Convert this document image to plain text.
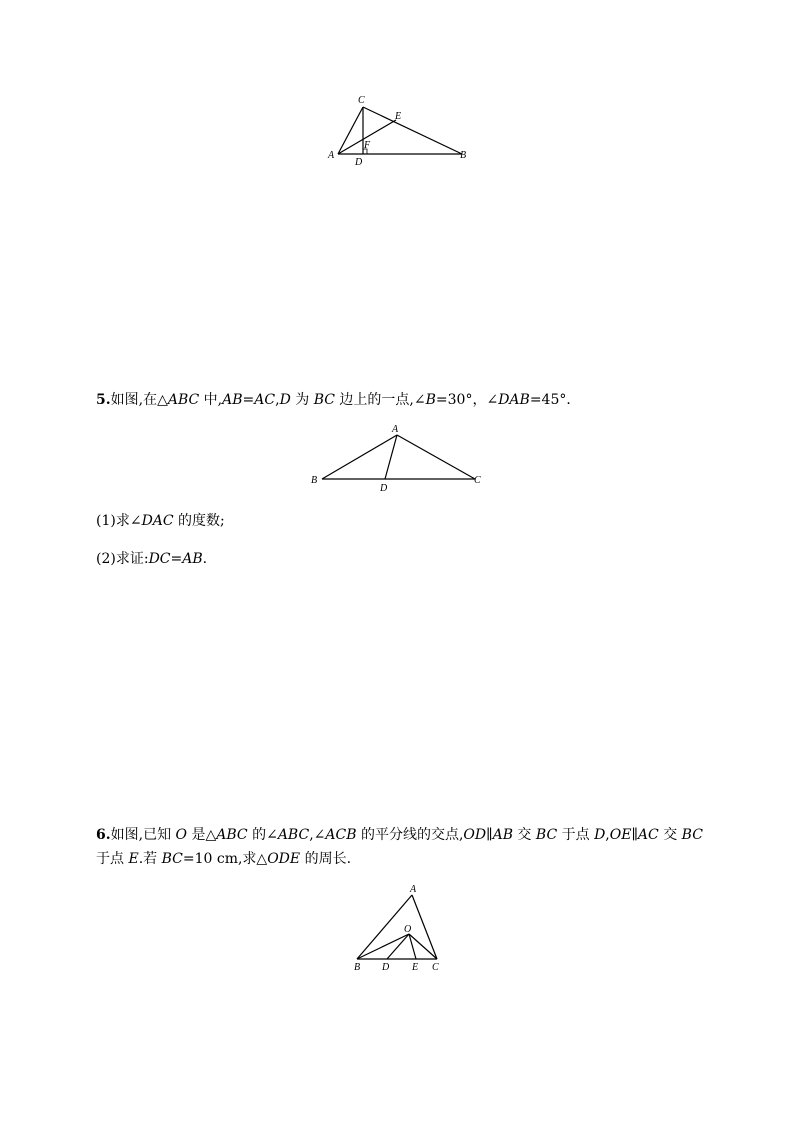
C
E
F
A
D
B
5.如图,在△ABC 中,AB=AC,D 为 BC 边上的一点,∠B=30°，∠DAB=45°．
A
B
D
C
(1)求∠DAC 的度数;
(2)求证:DC=AB.
6.如图,已知 O 是△ABC 的∠ABC,∠ACB 的平分线的交点,OD∥AB 交 BC 于点 D,OE∥AC 交 BC 于点 E.若 BC=10 cm,求△ODE 的周长.
A
O
B D E C
